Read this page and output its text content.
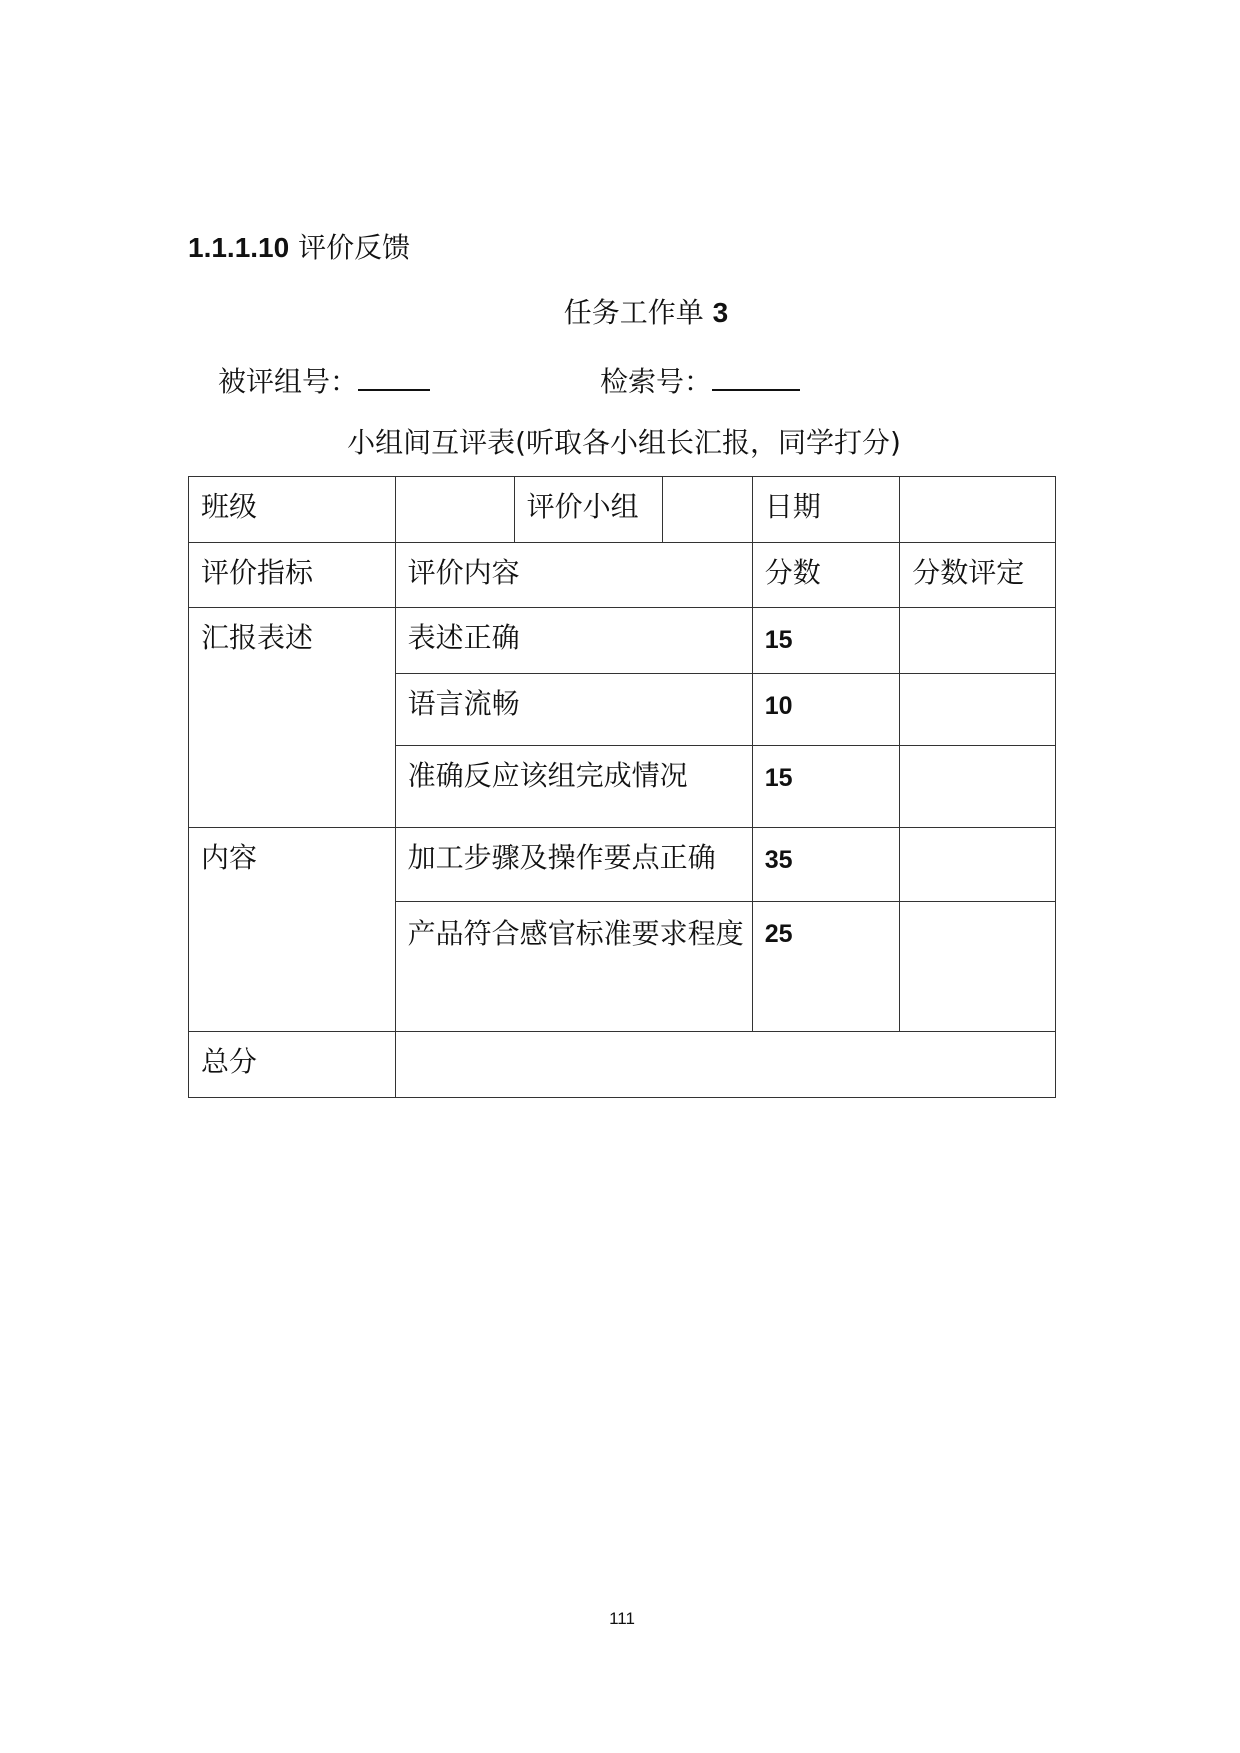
1.1.1.10 评价反馈
任务工作单 3
被评组号：	检索号：
小组间互评表(听取各小组长汇报，同学打分)
班级		评价小组		日期	

评价指标	评价内容			分数	分数评定

汇报表述	表述正确			15	

	语言流畅			10	

	准确反应该组完成情况			15	

内容	加工步骤及操作要点正确			35	

	产品符合感官标准要求程度			25	

总分					

111
